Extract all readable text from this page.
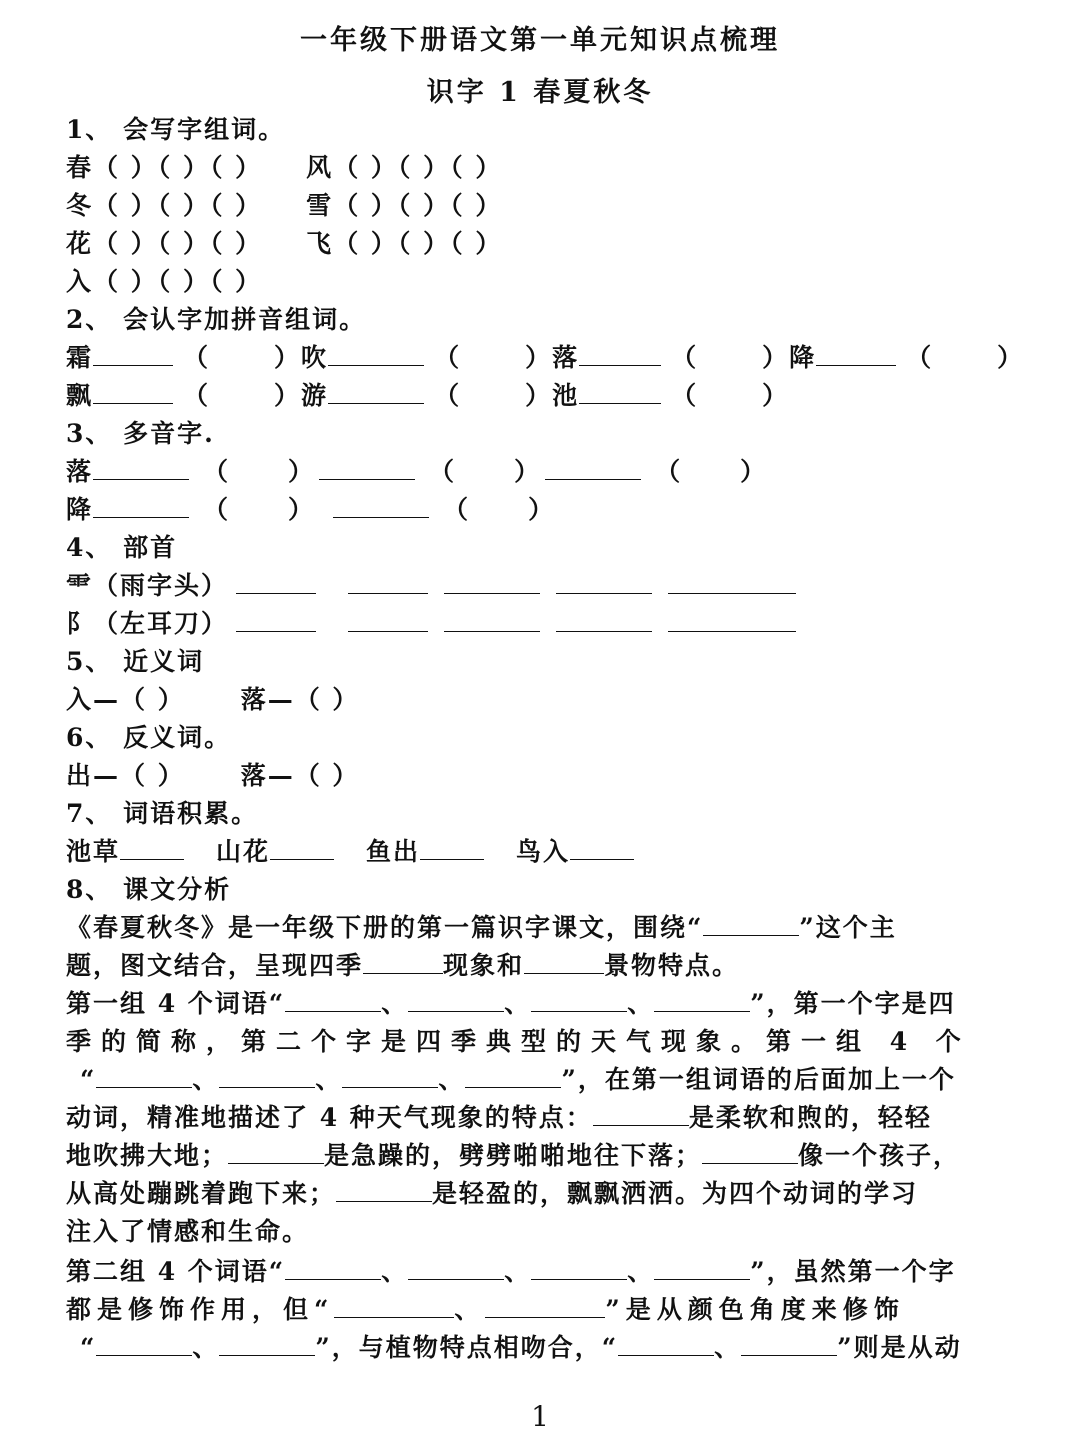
一年级下册语文第一单元知识点梳理
识字 1 春夏秋冬
1、 会写字组词。
春（ ）（ ）（ ） 风（ ）（ ）（ ）
冬（ ）（ ）（ ） 雪（ ）（ ）（ ）
花（ ）（ ）（ ） 飞（ ）（ ）（ ）
入（ ）（ ）（ ）
2、 会认字加拼音组词。
霜	（	）吹	（	）落	（	）降	（	）
飘	（	）游	（	）池	（	）
3、 多音字.
落	（ ）	（ ）	（ ）
降	（ ）	（ ）
4、 部首
⻗（雨字头）
阝（左耳刀）
5、 近义词
入—（ ） 落—（ ）
6、 反义词。
出—（ ） 落—（ ）
7、 词语积累。
池草	山花	鱼出	鸟入
8、 课文分析
《春夏秋冬》是一年级下册的第一篇识字课文，围绕“	”这个主
题，图文结合，呈现四季	现象和	景物特点。
第一组 4 个词语“	、	、	、	”，第一个字是四
季的简称，第二个字是四季典型的天气现象。第一组 4 个
“	、	、	、	”，在第一组词语的后面加上一个
动词，精准地描述了 4 种天气现象的特点：	是柔软和煦的，轻轻
地吹拂大地；	是急躁的，劈劈啪啪地往下落；	像一个孩子，
从高处蹦跳着跑下来；	是轻盈的，飘飘洒洒。为四个动词的学习
注入了情感和生命。
第二组 4 个词语“	、	、	、	”，虽然第一个字
都是修饰作用，但“	、	”是从颜色角度来修饰
“	、	”，与植物特点相吻合，“	、	”则是从动
1
